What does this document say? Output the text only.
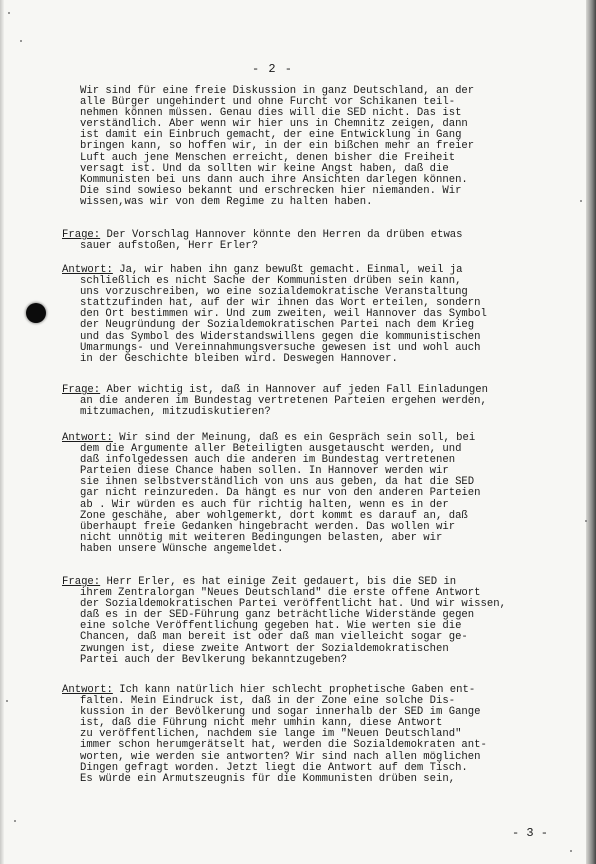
- 2 -
Wir sind für eine freie Diskussion in ganz Deutschland, an der
alle Bürger ungehindert und ohne Furcht vor Schikanen teil-
nehmen können müssen. Genau dies will die SED nicht. Das ist
verständlich. Aber wenn wir hier uns in Chemnitz zeigen, dann
ist damit ein Einbruch gemacht, der eine Entwicklung in Gang
bringen kann, so hoffen wir, in der ein bißchen mehr an freier
Luft auch jene Menschen erreicht, denen bisher die Freiheit
versagt ist. Und da sollten wir keine Angst haben, daß die
Kommunisten bei uns dann auch ihre Ansichten darlegen können.
Die sind sowieso bekannt und erschrecken hier niemanden. Wir
wissen,was wir von dem Regime zu halten haben.
Frage: Der Vorschlag Hannover könnte den Herren da drüben etwas
sauer aufstoßen, Herr Erler?
Antwort: Ja, wir haben ihn ganz bewußt gemacht. Einmal, weil ja
schließlich es nicht Sache der Kommunisten drüben sein kann,
uns vorzuschreiben, wo eine sozialdemokratische Veranstaltung
stattzufinden hat, auf der wir ihnen das Wort erteilen, sondern
den Ort bestimmen wir. Und zum zweiten, weil Hannover das Symbol
der Neugründung der Sozialdemokratischen Partei nach dem Krieg
und das Symbol des Widerstandswillens gegen die kommunistischen
Umarmungs- und Vereinnahmungsversuche gewesen ist und wohl auch
in der Geschichte bleiben wird. Deswegen Hannover.
Frage: Aber wichtig ist, daß in Hannover auf jeden Fall Einladungen
an die anderen im Bundestag vertretenen Parteien ergehen werden,
mitzumachen, mitzudiskutieren?
Antwort: Wir sind der Meinung, daß es ein Gespräch sein soll, bei
dem die Argumente aller Beteiligten ausgetauscht werden, und
daß infolgedessen auch die anderen im Bundestag vertretenen
Parteien diese Chance haben sollen. In Hannover werden wir
sie ihnen selbstverständlich von uns aus geben, da hat die SED
gar nicht reinzureden. Da hängt es nur von den anderen Parteien
ab . Wir würden es auch für richtig halten, wenn es in der
Zone geschähe, aber wohlgemerkt, dort kommt es darauf an, daß
überhaupt freie Gedanken hingebracht werden. Das wollen wir
nicht unnötig mit weiteren Bedingungen belasten, aber wir
haben unsere Wünsche angemeldet.
Frage: Herr Erler, es hat einige Zeit gedauert, bis die SED in
ihrem Zentralorgan "Neues Deutschland" die erste offene Antwort
der Sozialdemokratischen Partei veröffentlicht hat. Und wir wissen,
daß es in der SED-Führung ganz beträchtliche Widerstände gegen
eine solche Veröffentlichung gegeben hat. Wie werten sie die
Chancen, daß man bereit ist oder daß man vielleicht sogar ge-
zwungen ist, diese zweite Antwort der Sozialdemokratischen
Partei auch der Bevlkerung bekanntzugeben?
Antwort: Ich kann natürlich hier schlecht prophetische Gaben ent-
falten. Mein Eindruck ist, daß in der Zone eine solche Dis-
kussion in der Bevölkerung und sogar innerhalb der SED im Gange
ist, daß die Führung nicht mehr umhin kann, diese Antwort
zu veröffentlichen, nachdem sie lange im "Neuen Deutschland"
immer schon herumgerätselt hat, werden die Sozialdemokraten ant-
worten, wie werden sie antworten? Wir sind nach allen möglichen
Dingen gefragt worden. Jetzt liegt die Antwort auf dem Tisch.
Es würde ein Armutszeugnis für die Kommunisten drüben sein,
- 3 -
